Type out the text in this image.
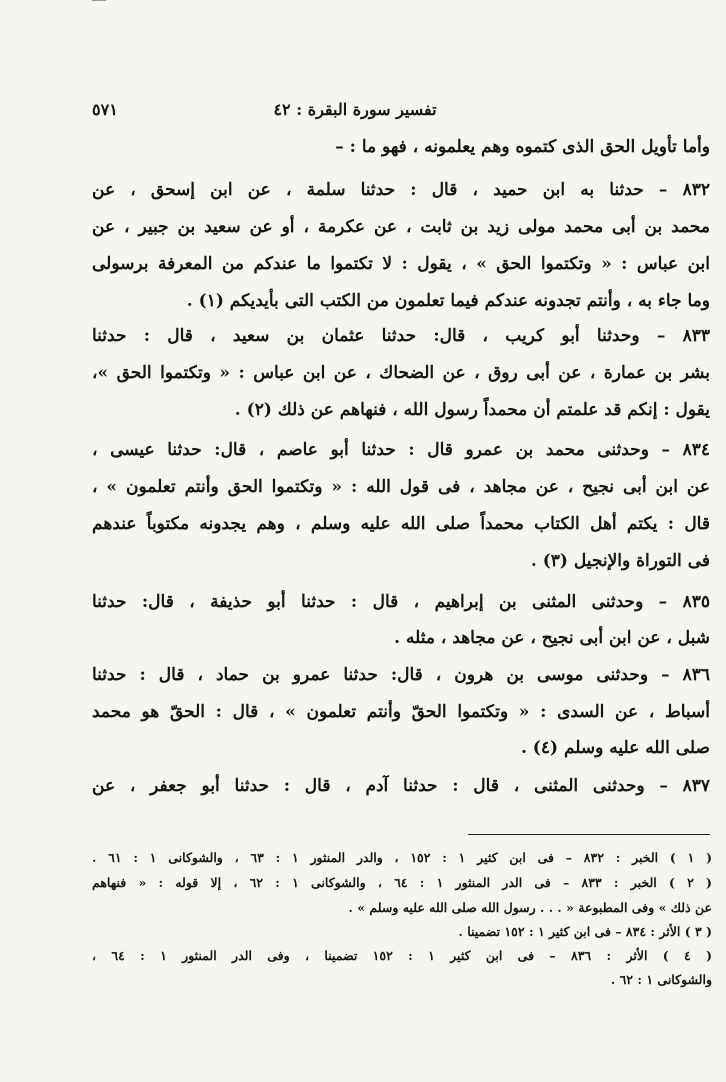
تفسير سورة البقرة : ٤٢
٥٧١
وأما تأويل الحق الذى كتموه وهم يعلمونه ، فهو ما : –
٨٣٢ – حدثنا به ابن حميد ، قال : حدثنا سلمة ، عن ابن إسحق ، عن
محمد بن أبى محمد مولى زيد بن ثابت ، عن عكرمة ، أو عن سعيد بن جبير ، عن
ابن عباس : « وتكتموا الحق » ، يقول : لا تكتموا ما عندكم من المعرفة برسولى
وما جاء به ، وأنتم تجدونه عندكم فيما تعلمون من الكتب التى بأيديكم (١) .
٨٣٣ – وحدثنا أبو كريب ، قال: حدثنا عثمان بن سعيد ، قال : حدثنا
بشر بن عمارة ، عن أبى روق ، عن الضحاك ، عن ابن عباس : « وتكتموا الحق »،
يقول : إنكم قد علمتم أن محمداً رسول الله ، فنهاهم عن ذلك (٢) .
٨٣٤ – وحدثنى محمد بن عمرو قال : حدثنا أبو عاصم ، قال: حدثنا عيسى ،
عن ابن أبى نجيح ، عن مجاهد ، فى قول الله : « وتكتموا الحق وأنتم تعلمون » ،
قال : يكتم أهل الكتاب محمداً صلى الله عليه وسلم ، وهم يجدونه مكتوباً عندهم
فى التوراة والإنجيل (٣) .
٨٣٥ – وحدثنى المثنى بن إبراهيم ، قال : حدثنا أبو حذيفة ، قال: حدثنا
شبل ، عن ابن أبى نجيح ، عن مجاهد ، مثله .
٨٣٦ – وحدثنى موسى بن هرون ، قال: حدثنا عمرو بن حماد ، قال : حدثنا
أسباط ، عن السدى : « وتكتموا الحقّ وأنتم تعلمون » ، قال : الحقّ هو محمد
صلى الله عليه وسلم (٤) .
٨٣٧ – وحدثنى المثنى ، قال : حدثنا آدم ، قال : حدثنا أبو جعفر ، عن
( ١ ) الخبر : ٨٣٢ – فى ابن كثير ١ : ١٥٢ ، والدر المنثور ١ : ٦٣ ، والشوكانى ١ : ٦١ .
( ٢ ) الخبر : ٨٣٣ – فى الدر المنثور ١ : ٦٤ ، والشوكانى ١ : ٦٢ ، إلا قوله : « فنهاهم
عن ذلك » وفى المطبوعة « . . . رسول الله صلى الله عليه وسلم » .
( ٣ ) الأثر : ٨٣٤ – فى ابن كثير ١ : ١٥٢ تضمينا .
( ٤ ) الأثر : ٨٣٦ – فى ابن كثير ١ : ١٥٢ تضمينا ، وفى الدر المنثور ١ : ٦٤ ،
والشوكانى ١ : ٦٢ .
